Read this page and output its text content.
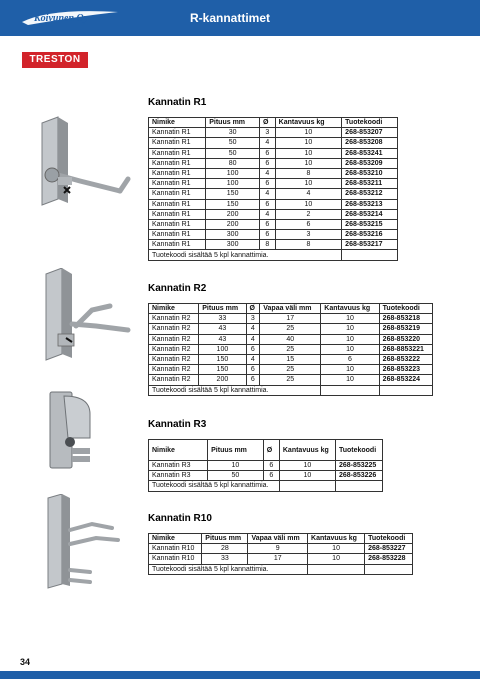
Koivunen Oy	R-kannattimet
TRESTON
Kannatin R1
Nimike	Pituus mm	Ø	Kantavuus kg	Tuotekoodi
Kannatin R1	30	3	10	268-853207
Kannatin R1	50	4	10	268-853208
Kannatin R1	50	6	10	268-853241
Kannatin R1	80	6	10	268-853209
Kannatin R1	100	4	8	268-853210
Kannatin R1	100	6	10	268-853211
Kannatin R1	150	4	4	268-853212
Kannatin R1	150	6	10	268-853213
Kannatin R1	200	4	2	268-853214
Kannatin R1	200	6	6	268-853215
Kannatin R1	300	6	3	268-853216
Kannatin R1	300	8	8	268-853217
Tuotekoodi sisältää 5 kpl kannattimia.				
Kannatin R2
Nimike	Pituus mm	Ø	Vapaa väli mm	Kantavuus kg	Tuotekoodi
Kannatin R2	33	3	17	10	268-853218
Kannatin R2	43	4	25	10	268-853219
Kannatin R2	43	4	40	10	268-853220
Kannatin R2	100	6	25	10	268-8853221
Kannatin R2	150	4	15	6	268-853222
Kannatin R2	150	6	25	10	268-853223
Kannatin R2	200	6	25	10	268-853224
Tuotekoodi sisältää 5 kpl kannattimia.					
Kannatin R3
Nimike	Pituus mm	Ø	Kantavuus kg	Tuotekoodi
Kannatin R3	10	6	10	268-853225
Kannatin R3	50	6	10	268-853226
Tuotekoodi sisältää 5 kpl kannattimia.				
Kannatin R10
Nimike	Pituus mm	Vapaa väli mm	Kantavuus kg	Tuotekoodi
Kannatin R10	28	9	10	268-853227
Kannatin R10	33	17	10	268-853228
Tuotekoodi sisältää 5 kpl kannattimia.				
34
